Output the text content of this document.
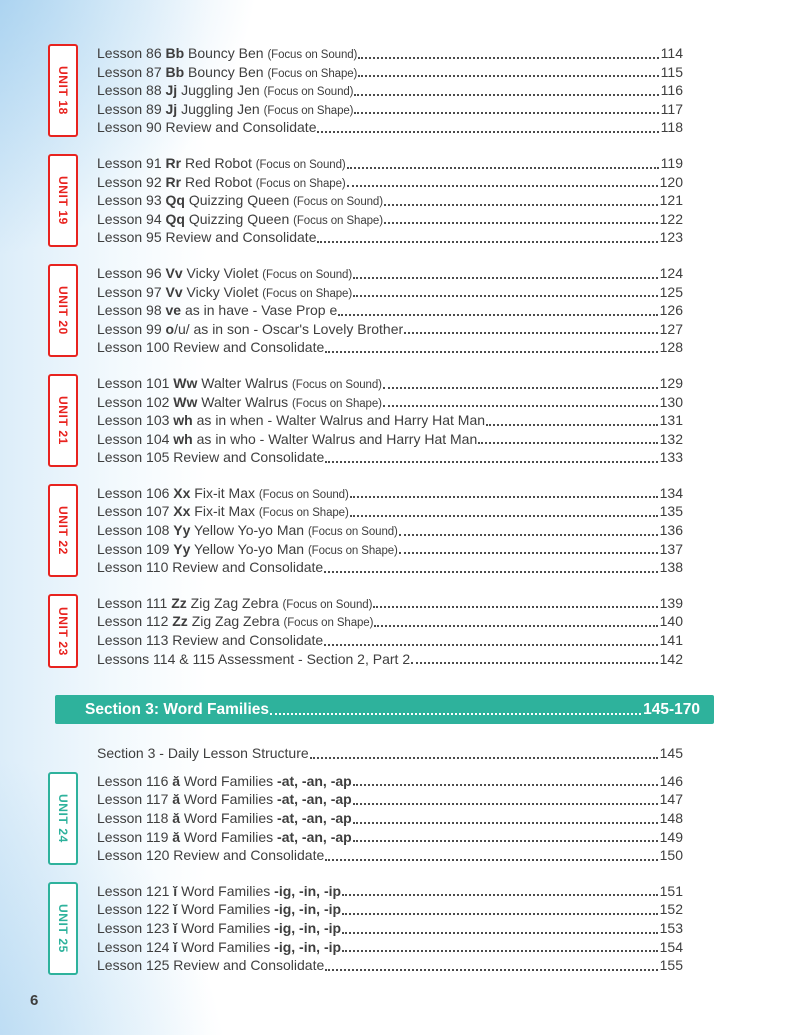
UNIT 18
Lesson 86 Bb Bouncy Ben (Focus on Sound)	114
Lesson 87 Bb Bouncy Ben (Focus on Shape)	115
Lesson 88 Jj Juggling Jen (Focus on Sound)	116
Lesson 89 Jj Juggling Jen (Focus on Shape)	117
Lesson 90 Review and Consolidate	118
UNIT 19
Lesson 91 Rr Red Robot (Focus on Sound)	119
Lesson 92 Rr Red Robot (Focus on Shape)	120
Lesson 93 Qq Quizzing Queen (Focus on Sound)	121
Lesson 94 Qq Quizzing Queen (Focus on Shape)	122
Lesson 95 Review and Consolidate	123
UNIT 20
Lesson 96 Vv Vicky Violet (Focus on Sound)	124
Lesson 97 Vv Vicky Violet (Focus on Shape)	125
Lesson 98 ve as in have - Vase Prop e	126
Lesson 99 o/u/ as in son - Oscar's Lovely Brother	127
Lesson 100 Review and Consolidate	128
UNIT 21
Lesson 101 Ww Walter Walrus (Focus on Sound)	129
Lesson 102 Ww Walter Walrus (Focus on Shape)	130
Lesson 103 wh as in when - Walter Walrus and Harry Hat Man	131
Lesson 104 wh as in who - Walter Walrus and Harry Hat Man	132
Lesson 105 Review and Consolidate	133
UNIT 22
Lesson 106 Xx Fix-it Max (Focus on Sound)	134
Lesson 107 Xx Fix-it Max (Focus on Shape)	135
Lesson 108 Yy Yellow Yo-yo Man (Focus on Sound)	136
Lesson 109 Yy Yellow Yo-yo Man (Focus on Shape)	137
Lesson 110 Review and Consolidate	138
UNIT 23
Lesson 111 Zz Zig Zag Zebra (Focus on Sound)	139
Lesson 112 Zz Zig Zag Zebra (Focus on Shape)	140
Lesson 113 Review and Consolidate	141
Lessons 114 & 115 Assessment - Section 2, Part 2	142
Section 3: Word Families	145-170
Section 3 - Daily Lesson Structure	145
UNIT 24
Lesson 116 ă Word Families -at, -an, -ap	146
Lesson 117 ă Word Families -at, -an, -ap	147
Lesson 118 ă Word Families -at, -an, -ap	148
Lesson 119 ă Word Families -at, -an, -ap	149
Lesson 120 Review and Consolidate	150
UNIT 25
Lesson 121 ĭ Word Families -ig, -in, -ip	151
Lesson 122 ĭ Word Families -ig, -in, -ip	152
Lesson 123 ĭ Word Families -ig, -in, -ip	153
Lesson 124 ĭ Word Families -ig, -in, -ip	154
Lesson 125 Review and Consolidate	155
6
